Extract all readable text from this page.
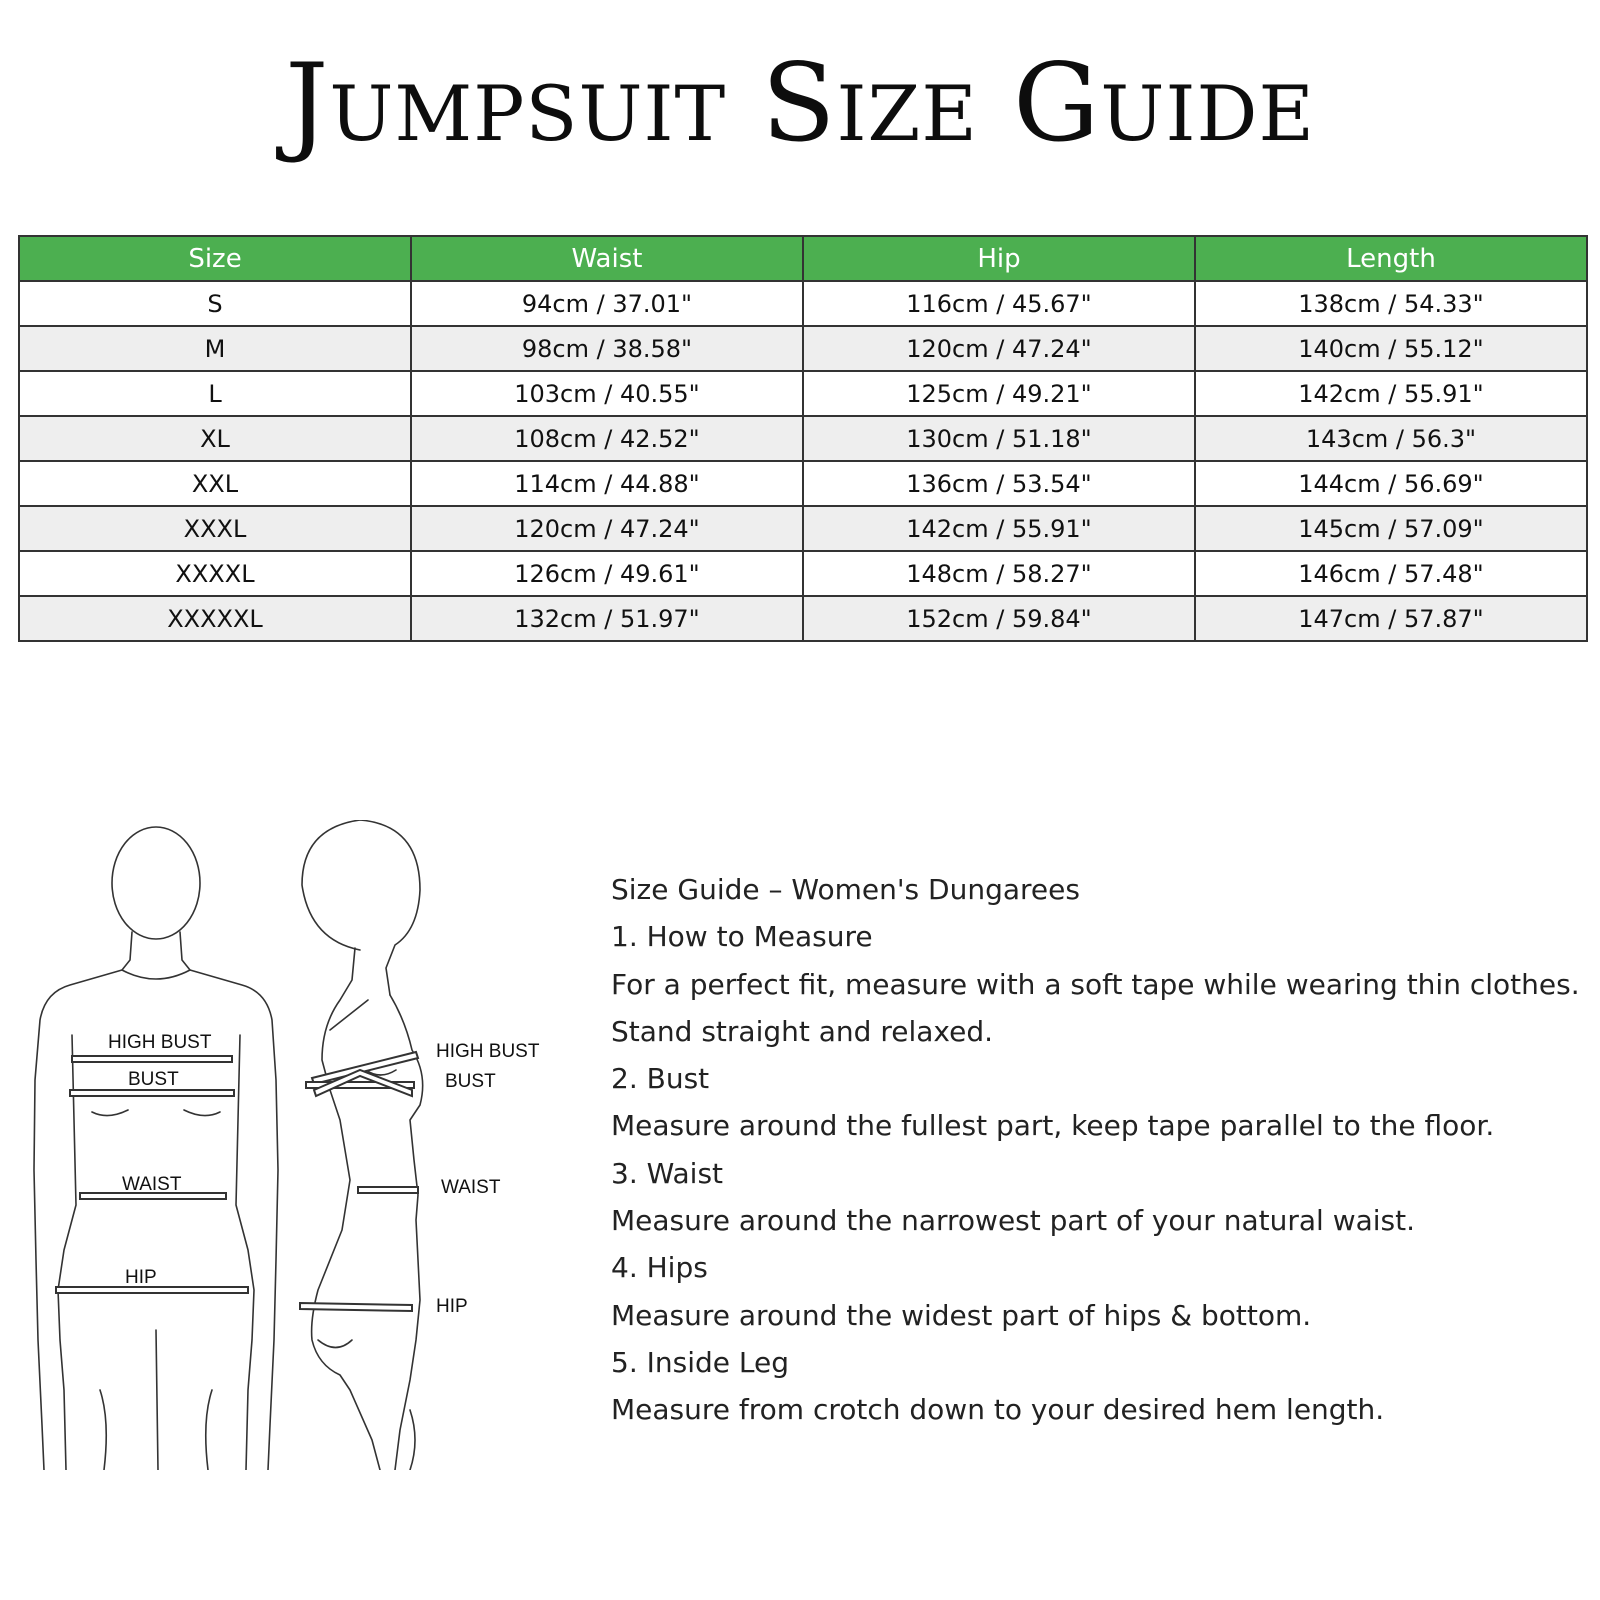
Jumpsuit Size Guide
Size	Waist	Hip	Length
S	94cm / 37.01"	116cm / 45.67"	138cm / 54.33"
M	98cm / 38.58"	120cm / 47.24"	140cm / 55.12"
L	103cm / 40.55"	125cm / 49.21"	142cm / 55.91"
XL	108cm / 42.52"	130cm / 51.18"	143cm / 56.3"
XXL	114cm / 44.88"	136cm / 53.54"	144cm / 56.69"
XXXL	120cm / 47.24"	142cm / 55.91"	145cm / 57.09"
XXXXL	126cm / 49.61"	148cm / 58.27"	146cm / 57.48"
XXXXXL	132cm / 51.97"	152cm / 59.84"	147cm / 57.87"
HIGH BUST
BUST
WAIST
HIP
HIGH BUST
BUST
WAIST
HIP
Size Guide – Women's Dungarees
1. How to Measure
For a perfect fit, measure with a soft tape while wearing thin clothes.
Stand straight and relaxed.
2. Bust
Measure around the fullest part, keep tape parallel to the floor.
3. Waist
Measure around the narrowest part of your natural waist.
4. Hips
Measure around the widest part of hips & bottom.
5. Inside Leg
Measure from crotch down to your desired hem length.
